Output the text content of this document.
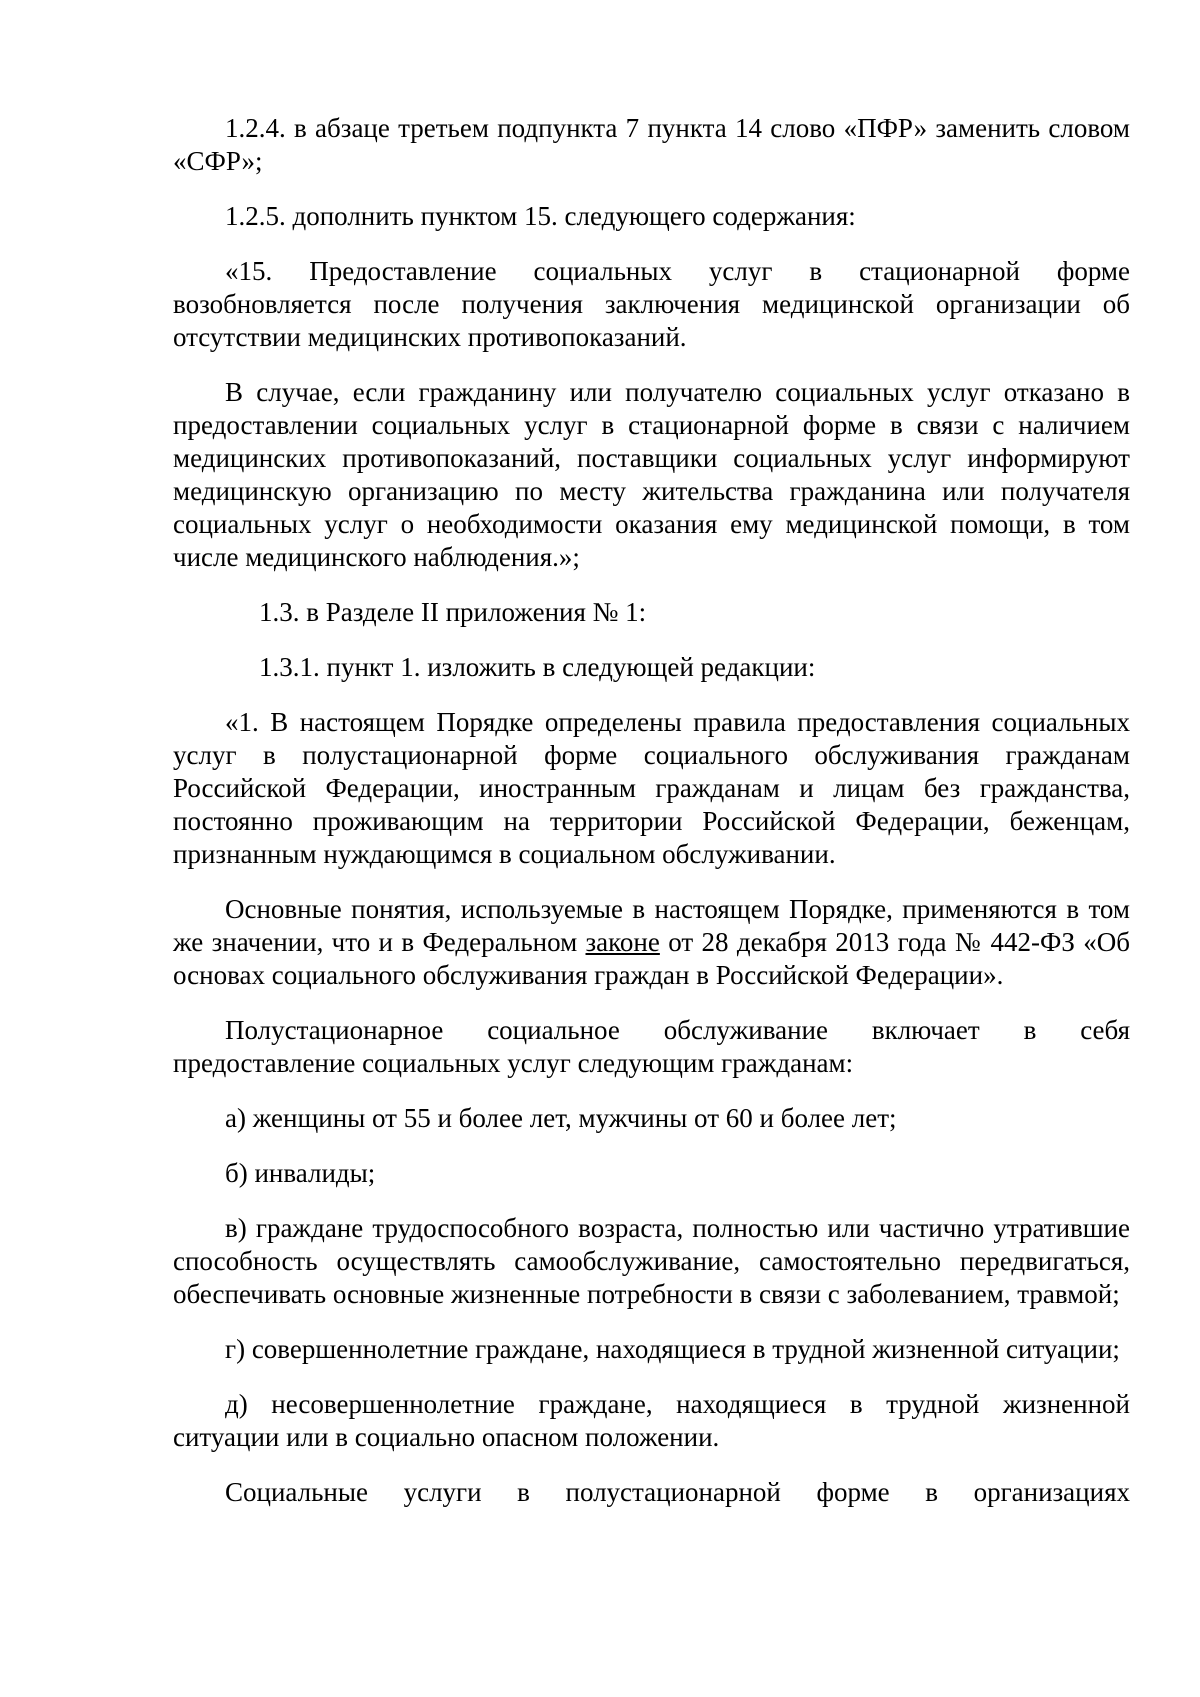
1.2.4. в абзаце третьем подпункта 7 пункта 14 слово «ПФР» заменить словом «СФР»;

1.2.5. дополнить пунктом 15. следующего содержания:

«15. Предоставление социальных услуг в стационарной форме возобновляется после получения заключения медицинской организации об отсутствии медицинских противопоказаний.

В случае, если гражданину или получателю социальных услуг отказано в предоставлении социальных услуг в стационарной форме в связи с наличием медицинских противопоказаний, поставщики социальных услуг информируют медицинскую организацию по месту жительства гражданина или получателя социальных услуг о необходимости оказания ему медицинской помощи, в том числе медицинского наблюдения.»;

1.3. в Разделе II приложения № 1:

1.3.1. пункт 1. изложить в следующей редакции:

«1. В настоящем Порядке определены правила предоставления социальных услуг в полустационарной форме социального обслуживания гражданам Российской Федерации, иностранным гражданам и лицам без гражданства, постоянно проживающим на территории Российской Федерации, беженцам, признанным нуждающимся в социальном обслуживании.

Основные понятия, используемые в настоящем Порядке, применяются в том же значении, что и в Федеральном законе от 28 декабря 2013 года № 442-ФЗ «Об основах социального обслуживания граждан в Российской Федерации».

Полустационарное социальное обслуживание включает в себя предоставление социальных услуг следующим гражданам:

а) женщины от 55 и более лет, мужчины от 60 и более лет;

б) инвалиды;

в) граждане трудоспособного возраста, полностью или частично утратившие способность осуществлять самообслуживание, самостоятельно передвигаться, обеспечивать основные жизненные потребности в связи с заболеванием, травмой;

г) совершеннолетние граждане, находящиеся в трудной жизненной ситуации;

д) несовершеннолетние граждане, находящиеся в трудной жизненной ситуации или в социально опасном положении.

Социальные услуги в полустационарной форме в организациях
